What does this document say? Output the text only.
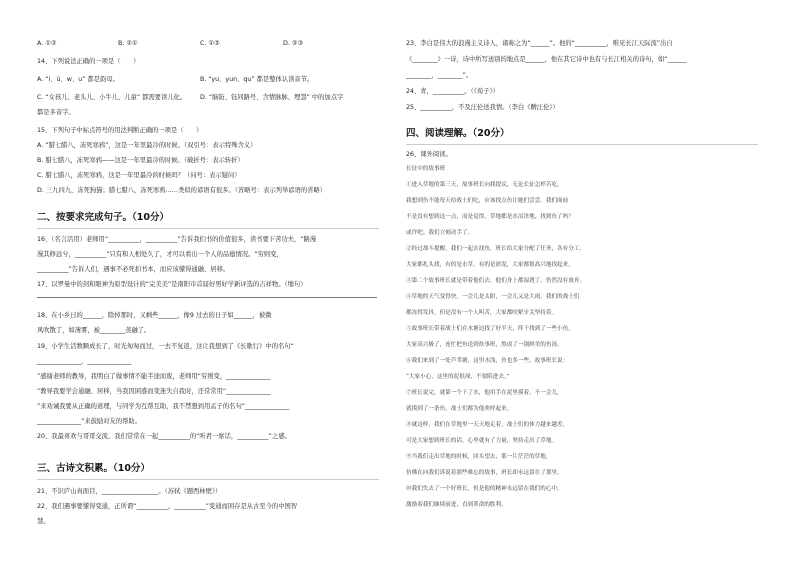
A. ①②	B. ②①	C. ①③	D. ②③
14、下列说法正确的一项是（　　）
A. “i、ü、w、u” 都是韵母。	B. “yu、yun、qu” 都是整体认读音节。
C. “女孩儿、老头儿、小牛儿、儿童” 都需要读儿化。 D. “脑防、钰同路号、含情脉脉、埋怨” 中的加点字
都是多音字。
15、下列句子中标点符号的用法判断正确的一项是（　　）
A. “腊七腊八，冻死寒鸦”，这是一年里最冷的时候。（双引号：表示特殊含义）
B. 腊七腊八，冻死寒鸦——这是一年里最冷的时候。（破折号：表示转折）
C. 腊七腊八，冻死寒鸦，这是一年里最冷的时候吗？（问号：表示疑问）
D. 三九四九，冻死狗猫；腊七腊八，冻死寒鸦……类似的谚语有很多。（省略号：表示列举谚语的省略）
二、按要求完成句子。（10分）
16、（名言活用）老师用“__________，__________”告诉我们书的价值很多，读书要下苦功夫，“路漫
漫其修远兮，__________”只有和人相处久了，才可以看出一个人的品德情况。“穷则变，
__________”告诉人们，遇事不必死扣书本，而应该懂得通融、居移。
17、以罗曼中的剑和眼神为原型设计的“完美美”是南阳市首届好男好学新评选的吉祥物。（缩句）
18、在小乡日的______，除掉那时，又剩些______，像9 过去的日子如______，被微
风吹散了，如薄雾，被________蒸融了。
19、小学生活数颗成长了，时光匆匆而过，一去不复返，这让我想到了《长歌行》中的名句“
______________，______________
”感谢老师的教导，我明白了做事情不能半途而废，老师用“穷则变，______________
”教导我要学会通融、居移，当我因困惑而变迷失自我时，还常常用“______________
”来劝诫我要从正确的道理，与同学为互帮互助，我不禁想到用孟子的名句“______________
______________”来鼓励对友的帮助。
20、我最喜欢与哥哥交流，我们常常在一起__________的“听君一席话，__________”之感。
三、古诗文积累。（10分）
21、不识庐山真面目，__________________。（苏轼《题西林壁》）
22、我们遇事要懂得变通，正所谓“__________，__________”变通而困存是从古至今的中国智
慧。
23、李白是伟大的浪漫主义诗人，诸称之为“______”。他的“__________，唯见长江天际流”出自
《________》一诗，诗中所写送别的地点是______，他在其它诗中也有与长江相关的诗句，如“______
________，________”。
24、青，__________。（《荀子》）
25、__________，不及汪伦送我情。（李白《赠汪伦》）
四、阅读理解。（20分）
26、课外阅读。
长征中的故事班
①进入草地的第三天，故事班长向我提议，无论长征怎样苦吃。
我想到鱼不能每天给战士们吃，应该找点鱼让她们尝尝。我们面前
不是没有想到这一点，而是觉得，草地都是水沼泽地，找到鱼了吗？
或许吧。我们立刻动手了。
②经过战斗提醒，我们一起去找鱼，班长给大家分配了任务，各有分工。
大家都扎头找，有的是水草，有的是淤泥，大家都很高兴地找起来。
③第二个故事班长就是带着他们去。他们身上都湿透了，仍然没有放弃。
④草地的天气变得快，一会儿是太阳，一会儿又是大雨，我们的战士们
都冻得发抖，但是没有一个人叫苦，大家都咬紧牙关坚持着。
⑤故事班长带着战士们在水塘边找了好半天，终于找到了一些小鱼，
大家高兴极了，连忙把鱼送到炊事班，熬成了一锅鲜美的鱼汤。
⑥我们来到了一处芦苇塘，这里水浅，鱼也多一些。故事班长说：
“大家小心，这里的泥很深，不要陷进去。”
⑦班长说完，就第一个下了水，他用手在泥里摸着，不一会儿，
就摸到了一条鱼，战士们都为他欢呼起来。
⑧就这样，我们在草地里一天天地走着，战士们的体力越来越差，
可是大家想到班长的话，心里就有了力量，坚持走出了草地。
⑨当我们走出草地的时候，回头望去，那一片茫茫的草地，
仿佛在向我们诉说着那些难忘的故事，班长却永远留在了那里。
⑩我们失去了一个好班长，但是他的精神永远留在我们的心中，
激励着我们继续前进，直到革命的胜利。
